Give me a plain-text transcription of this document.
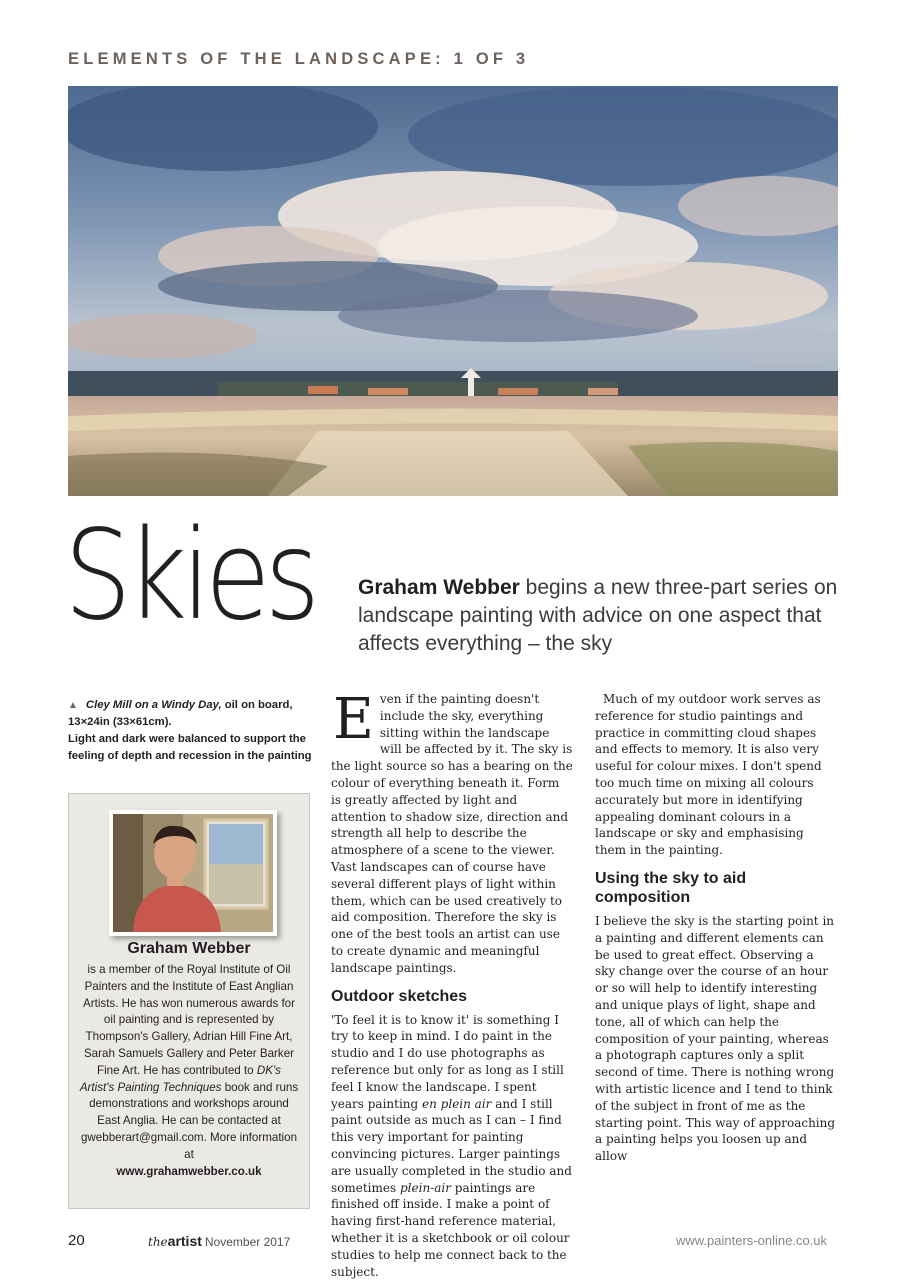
ELEMENTS OF THE LANDSCAPE: 1 OF 3
Skies Graham Webber begins a new three-part series on landscape painting with advice on one aspect that affects everything – the sky
▲ Cley Mill on a Windy Day, oil on board, 13×24in (33×61cm).
Light and dark were balanced to support the feeling of depth and recession in the painting
Graham Webber
is a member of the Royal Institute of Oil Painters and the Institute of East Anglian Artists. He has won numerous awards for oil painting and is represented by Thompson's Gallery, Adrian Hill Fine Art, Sarah Samuels Gallery and Peter Barker Fine Art. He has contributed to DK's Artist's Painting Techniques book and runs demonstrations and workshops around East Anglia. He can be contacted at gwebberart@gmail.com. More information at
www.grahamwebber.co.uk

Even if the painting doesn't include the sky, everything sitting within the landscape will be affected by it. The sky is the light source so has a bearing on the colour of everything beneath it. Form is greatly affected by light and attention to shadow size, direction and strength all help to describe the atmosphere of a scene to the viewer. Vast landscapes can of course have several different plays of light within them, which can be used creatively to aid composition. Therefore the sky is one of the best tools an artist can use to create dynamic and meaningful landscape paintings.

Outdoor sketches

'To feel it is to know it' is something I try to keep in mind. I do paint in the studio and I do use photographs as reference but only for as long as I still feel I know the landscape. I spent years painting en plein air and I still paint outside as much as I can – I find this very important for painting convincing pictures. Larger paintings are usually completed in the studio and sometimes plein-air paintings are finished off inside. I make a point of having first-hand reference material, whether it is a sketchbook or oil colour studies to help me connect back to the subject.

Much of my outdoor work serves as reference for studio paintings and practice in committing cloud shapes and effects to memory. It is also very useful for colour mixes. I don't spend too much time on mixing all colours accurately but more in identifying appealing dominant colours in a landscape or sky and emphasising them in the painting.

Using the sky to aid composition

I believe the sky is the starting point in a painting and different elements can be used to great effect. Observing a sky change over the course of an hour or so will help to identify interesting and unique plays of light, shape and tone, all of which can help the composition of your painting, whereas a photograph captures only a split second of time. There is nothing wrong with artistic licence and I tend to think of the subject in front of me as the starting point. This way of approaching a painting helps you loosen up and allow

20	theartist November 2017	www.painters-online.co.uk
